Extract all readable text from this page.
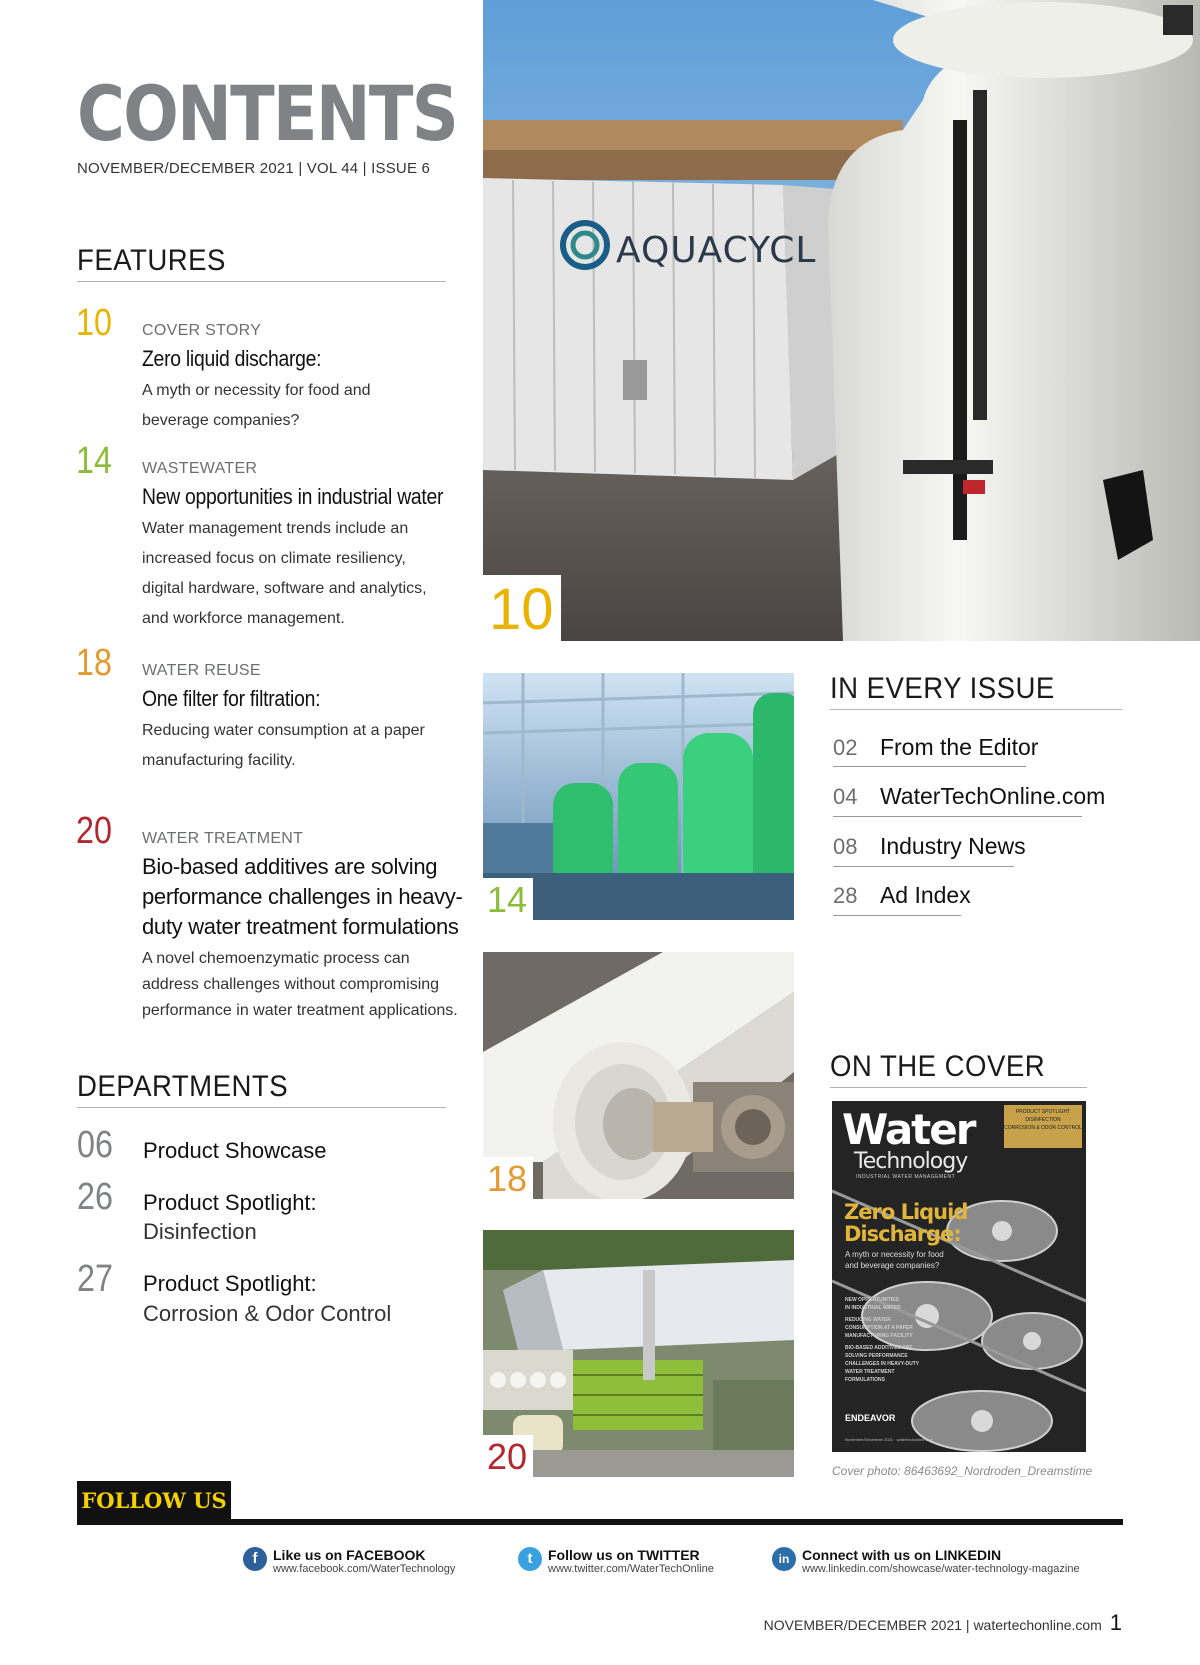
CONTENTS
NOVEMBER/DECEMBER 2021 | VOL 44 | ISSUE 6
FEATURES
10 COVER STORY
Zero liquid discharge:
A myth or necessity for food and
beverage companies?
14 WASTEWATER
New opportunities in industrial water
Water management trends include an
increased focus on climate resiliency,
digital hardware, software and analytics,
and workforce management.
18 WATER REUSE
One filter for filtration:
Reducing water consumption at a paper
manufacturing facility.
20 WATER TREATMENT
Bio-based additives are solving
performance challenges in heavy-
duty water treatment formulations
A novel chemoenzymatic process can
address challenges without compromising
performance in water treatment applications.
DEPARTMENTS
06 Product Showcase
26 Product Spotlight:
Disinfection
27 Product Spotlight:
Corrosion & Odor Control
AQUACYCL
10
14
18
20
IN EVERY ISSUE
02 From the Editor
04 WaterTechOnline.com
08 Industry News
28 Ad Index
ON THE COVER
Water
Technology
INDUSTRIAL WATER MANAGEMENT
PRODUCT SPOTLIGHT
DISINFECTION
CORROSION & ODOR CONTROL
Zero Liquid
Discharge:
A myth or necessity for food
and beverage companies?
NEW OPPORTUNITIES
IN INDUSTRIAL WATER
REDUCING WATER
CONSUMPTION AT A PAPER
MANUFACTURING FACILITY
BIO-BASED ADDITIVES ARE
SOLVING PERFORMANCE
CHALLENGES IN HEAVY-DUTY
WATER TREATMENT
FORMULATIONS
ENDEAVOR
November/December 2021 · watertechonline.com
Cover photo: 86463692_Nordroden_Dreamstime
FOLLOW US
f	Like us on FACEBOOK
www.facebook.com/WaterTechnology
t	Follow us on TWITTER
www.twitter.com/WaterTechOnline
in Connect with us on LINKEDIN
www.linkedin.com/showcase/water-technology-magazine
NOVEMBER/DECEMBER 2021 | watertechonline.com 1
